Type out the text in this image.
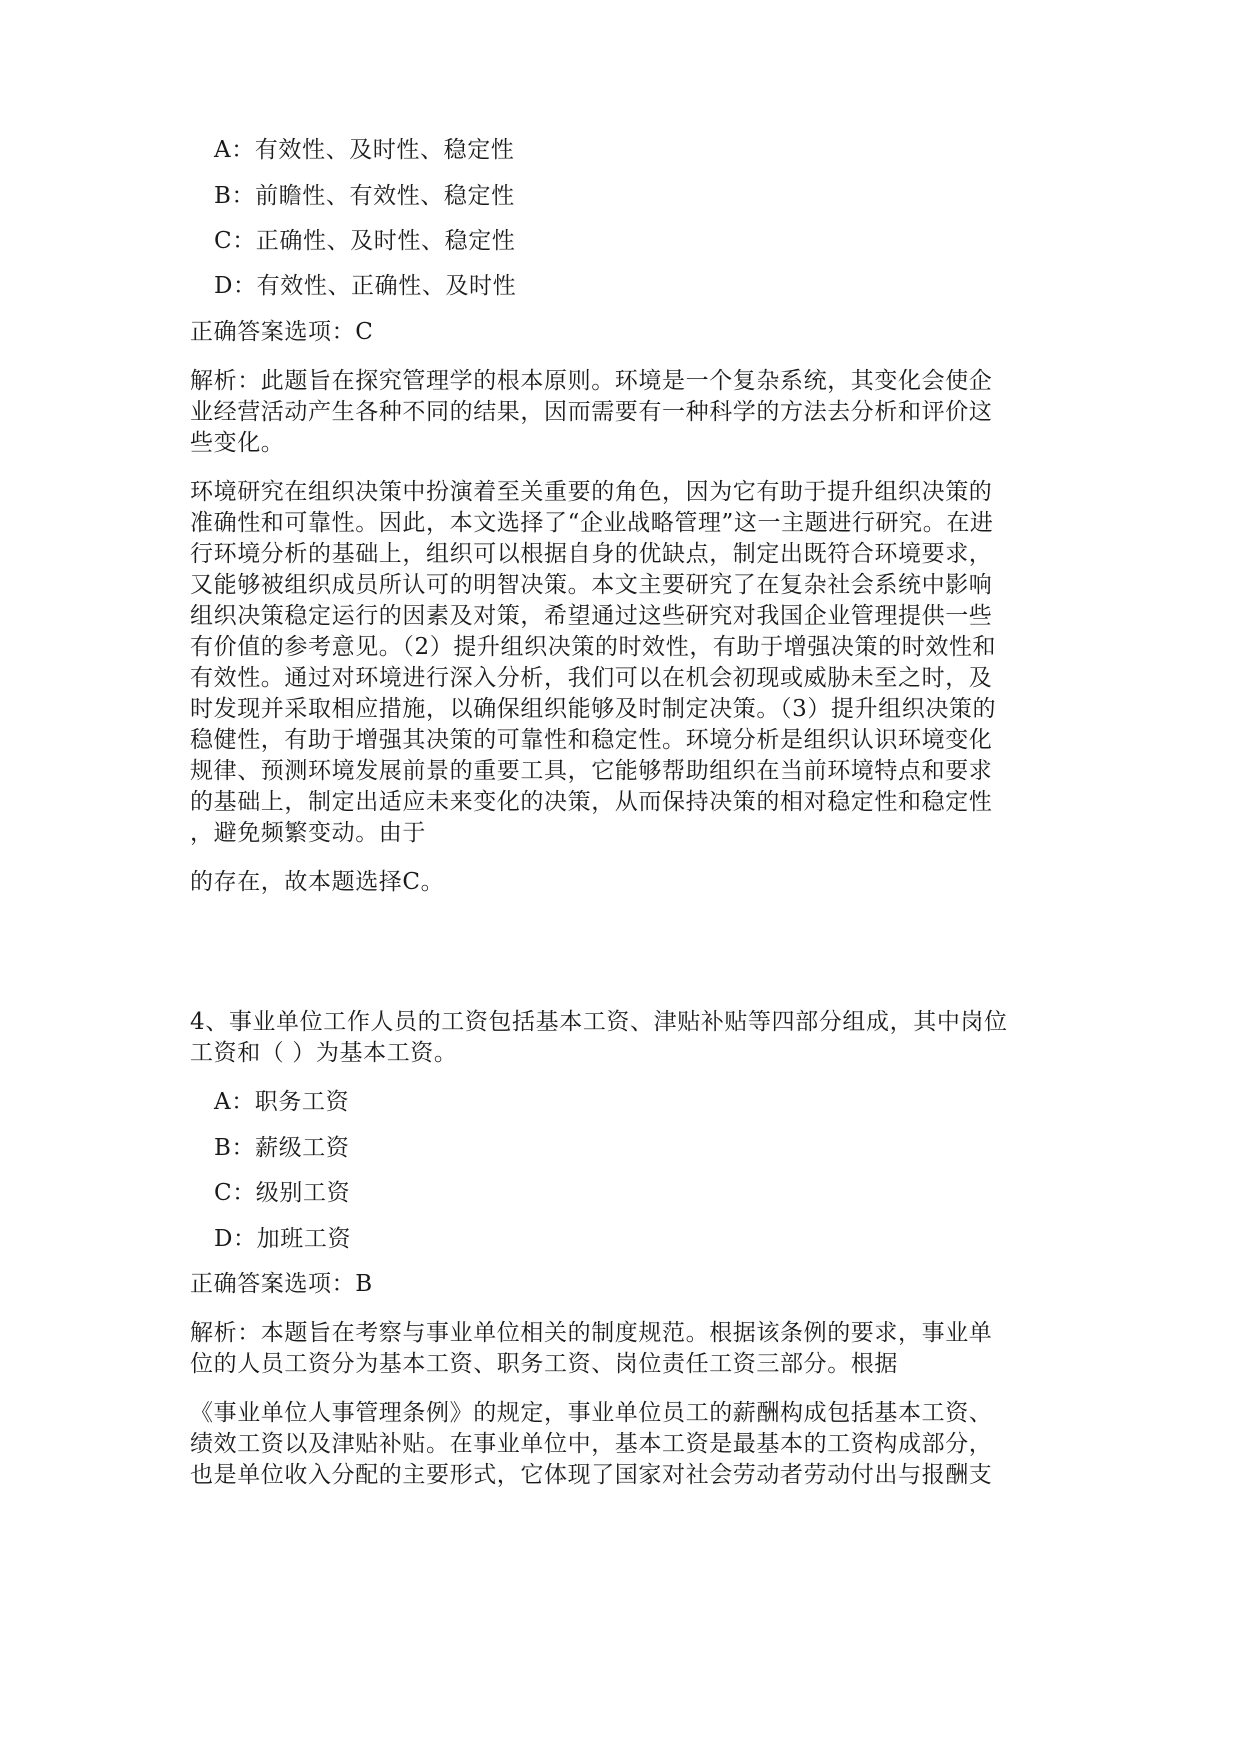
A：有效性、及时性、稳定性
B：前瞻性、有效性、稳定性
C：正确性、及时性、稳定性
D：有效性、正确性、及时性
正确答案选项：C
解析：此题旨在探究管理学的根本原则。环境是一个复杂系统，其变化会使企
业经营活动产生各种不同的结果，因而需要有一种科学的方法去分析和评价这
些变化。
环境研究在组织决策中扮演着至关重要的角色，因为它有助于提升组织决策的
准确性和可靠性。因此，本文选择了“企业战略管理”这一主题进行研究。在进
行环境分析的基础上，组织可以根据自身的优缺点，制定出既符合环境要求，
又能够被组织成员所认可的明智决策。本文主要研究了在复杂社会系统中影响
组织决策稳定运行的因素及对策，希望通过这些研究对我国企业管理提供一些
有价值的参考意见。（2）提升组织决策的时效性，有助于增强决策的时效性和
有效性。通过对环境进行深入分析，我们可以在机会初现或威胁未至之时，及
时发现并采取相应措施，以确保组织能够及时制定决策。（3）提升组织决策的
稳健性，有助于增强其决策的可靠性和稳定性。环境分析是组织认识环境变化
规律、预测环境发展前景的重要工具，它能够帮助组织在当前环境特点和要求
的基础上，制定出适应未来变化的决策，从而保持决策的相对稳定性和稳定性
，避免频繁变动。由于
的存在，故本题选择C。
4、事业单位工作人员的工资包括基本工资、津贴补贴等四部分组成，其中岗位
工资和（ ）为基本工资。
A：职务工资
B：薪级工资
C：级别工资
D：加班工资
正确答案选项：B
解析：本题旨在考察与事业单位相关的制度规范。根据该条例的要求，事业单
位的人员工资分为基本工资、职务工资、岗位责任工资三部分。根据
《事业单位人事管理条例》的规定，事业单位员工的薪酬构成包括基本工资、
绩效工资以及津贴补贴。在事业单位中，基本工资是最基本的工资构成部分，
也是单位收入分配的主要形式，它体现了国家对社会劳动者劳动付出与报酬支
